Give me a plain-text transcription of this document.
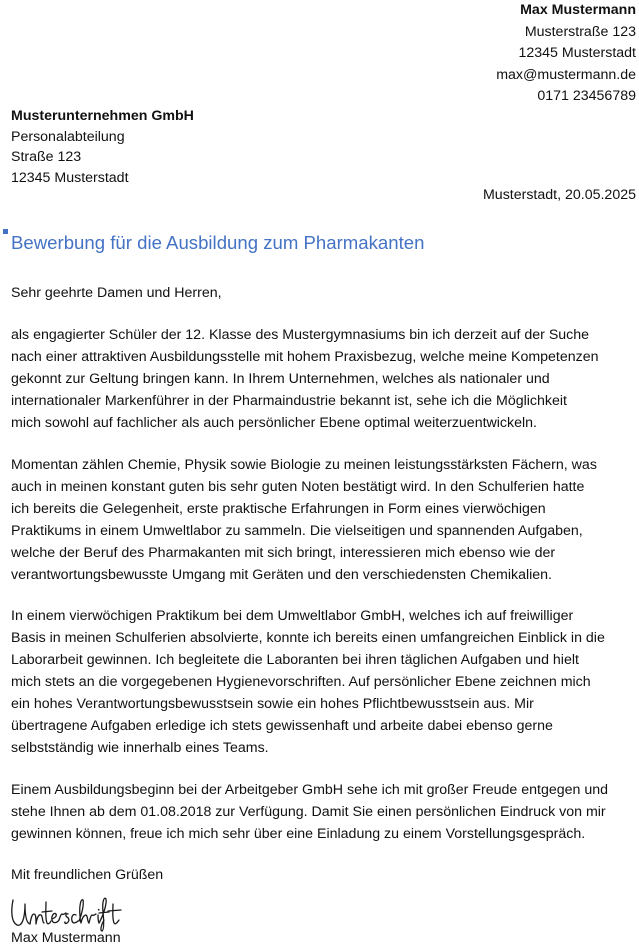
Max Mustermann
Musterstraße 123
12345 Musterstadt
max@mustermann.de
0171 23456789
Musterunternehmen GmbH
Personalabteilung
Straße 123
12345 Musterstadt
Musterstadt, 20.05.2025
Bewerbung für die Ausbildung zum Pharmakanten
Sehr geehrte Damen und Herren,
als engagierter Schüler der 12. Klasse des Mustergymnasiums bin ich derzeit auf der Suche
nach einer attraktiven Ausbildungsstelle mit hohem Praxisbezug, welche meine Kompetenzen
gekonnt zur Geltung bringen kann. In Ihrem Unternehmen, welches als nationaler und
internationaler Markenführer in der Pharmaindustrie bekannt ist, sehe ich die Möglichkeit
mich sowohl auf fachlicher als auch persönlicher Ebene optimal weiterzuentwickeln.
Momentan zählen Chemie, Physik sowie Biologie zu meinen leistungsstärksten Fächern, was
auch in meinen konstant guten bis sehr guten Noten bestätigt wird. In den Schulferien hatte
ich bereits die Gelegenheit, erste praktische Erfahrungen in Form eines vierwöchigen
Praktikums in einem Umweltlabor zu sammeln. Die vielseitigen und spannenden Aufgaben,
welche der Beruf des Pharmakanten mit sich bringt, interessieren mich ebenso wie der
verantwortungsbewusste Umgang mit Geräten und den verschiedensten Chemikalien.
In einem vierwöchigen Praktikum bei dem Umweltlabor GmbH, welches ich auf freiwilliger
Basis in meinen Schulferien absolvierte, konnte ich bereits einen umfangreichen Einblick in die
Laborarbeit gewinnen. Ich begleitete die Laboranten bei ihren täglichen Aufgaben und hielt
mich stets an die vorgegebenen Hygienevorschriften. Auf persönlicher Ebene zeichnen mich
ein hohes Verantwortungsbewusstsein sowie ein hohes Pflichtbewusstsein aus. Mir
übertragene Aufgaben erledige ich stets gewissenhaft und arbeite dabei ebenso gerne
selbstständig wie innerhalb eines Teams.
Einem Ausbildungsbeginn bei der Arbeitgeber GmbH sehe ich mit großer Freude entgegen und
stehe Ihnen ab dem 01.08.2018 zur Verfügung. Damit Sie einen persönlichen Eindruck von mir
gewinnen können, freue ich mich sehr über eine Einladung zu einem Vorstellungsgespräch.
Mit freundlichen Grüßen
Max Mustermann
